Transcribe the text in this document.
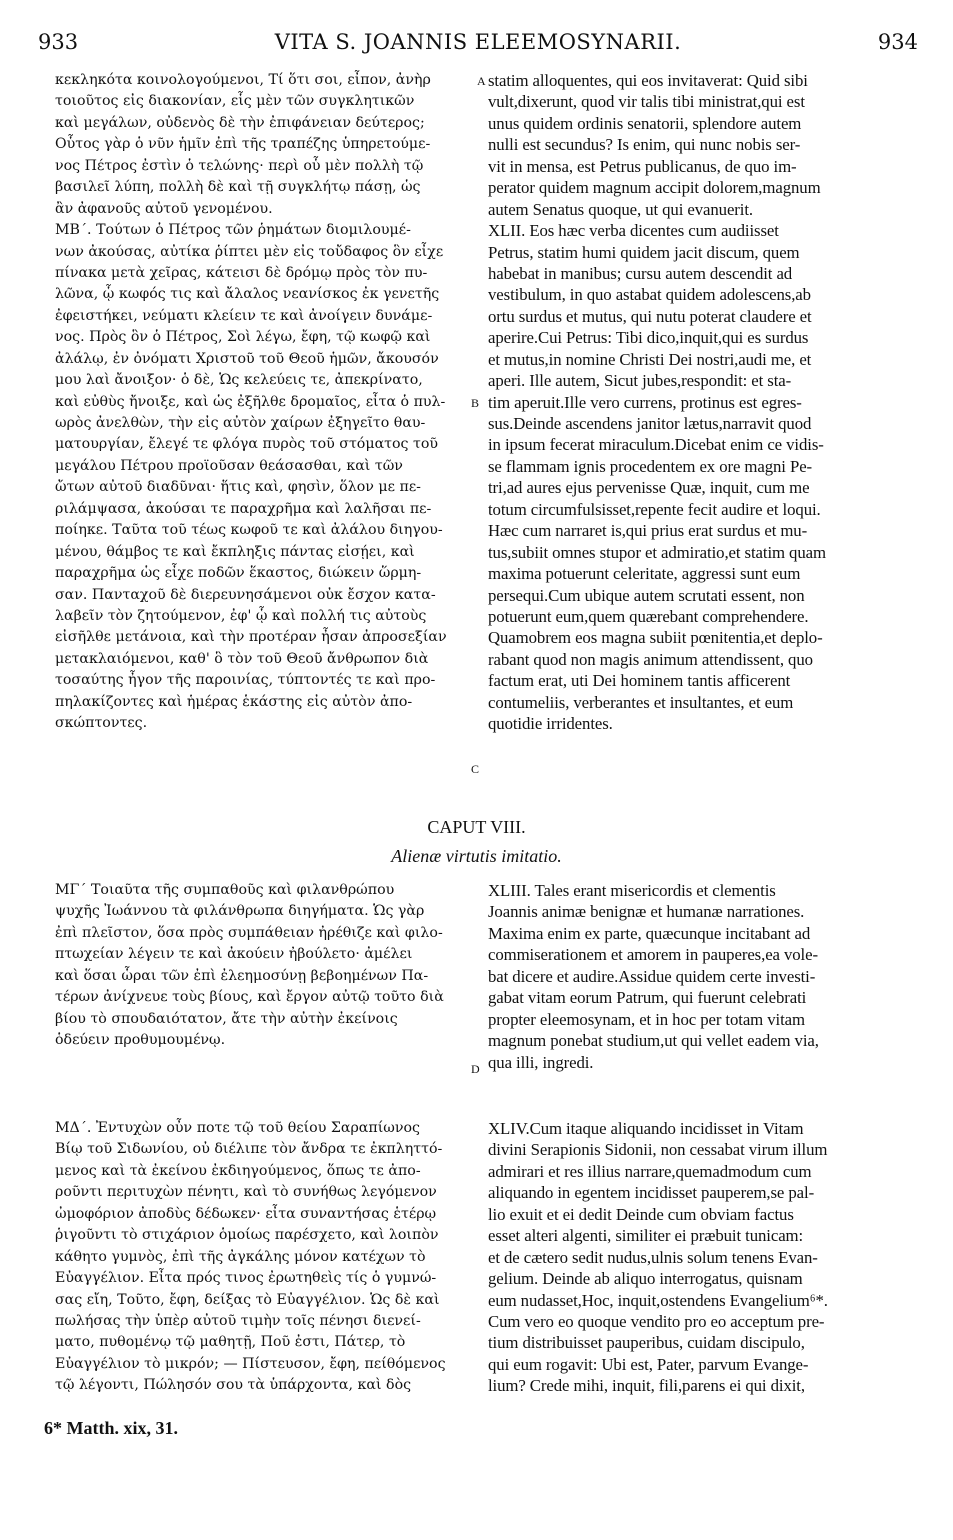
933	VITA S. JOANNIS ELEEMOSYNARII.	934
κεκληκότα κοινολογούμενοι, Τί ὅτι σοι, εἶπον, ἀνὴρ
τοιοῦτος εἰς διακονίαν, εἷς μὲν τῶν συγκλητικῶν
καὶ μεγάλων, οὐδενὸς δὲ τὴν ἐπιφάνειαν δεύτερος;
Οὗτος γὰρ ὁ νῦν ἡμῖν ἐπὶ τῆς τραπέζης ὑπηρετούμε-
νος Πέτρος ἐστὶν ὁ τελώνης· περὶ οὗ μὲν πολλὴ τῷ
βασιλεῖ λύπη, πολλὴ δὲ καὶ τῇ συγκλήτῳ πάσῃ, ὡς
ἂν ἀφανοῦς αὐτοῦ γενομένου.
ΜΒ΄. Τούτων ὁ Πέτρος τῶν ῥημάτων διομιλουμέ-
νων ἀκούσας, αὐτίκα ῥίπτει μὲν εἰς τοὔδαφος ὃν εἶχε
πίνακα μετὰ χεῖρας, κάτεισι δὲ δρόμῳ πρὸς τὸν πυ-
λῶνα, ᾧ κωφός τις καὶ ἄλαλος νεανίσκος ἐκ γενετῆς
ἐφειστήκει, νεύματι κλείειν τε καὶ ἀνοίγειν δυνάμε-
νος. Πρὸς ὃν ὁ Πέτρος, Σοὶ λέγω, ἔφη, τῷ κωφῷ καὶ
ἀλάλῳ, ἐν ὀνόματι Χριστοῦ τοῦ Θεοῦ ἡμῶν, ἄκουσόν
μου λαὶ ἄνοιξον· ὁ δὲ, Ὡς κελεύεις τε, ἀπεκρίνατο,
καὶ εὐθὺς ἤνοιξε, καὶ ὡς ἐξῆλθε δρομαῖος, εἶτα ὁ πυλ-
ωρὸς ἀνελθὼν, τὴν εἰς αὐτὸν χαίρων ἐξηγεῖτο θαυ-
ματουργίαν, ἔλεγέ τε φλόγα πυρὸς τοῦ στόματος τοῦ
μεγάλου Πέτρου προϊοῦσαν θεάσασθαι, καὶ τῶν
ὤτων αὐτοῦ διαδῦναι· ἥτις καὶ, φησὶν, ὅλον με πε-
ριλάμψασα, ἀκούσαι τε παραχρῆμα καὶ λαλῆσαι πε-
ποίηκε. Ταῦτα τοῦ τέως κωφοῦ τε καὶ ἀλάλου διηγου-
μένου, θάμβος τε καὶ ἔκπληξις πάντας εἰσῄει, καὶ
παραχρῆμα ὡς εἶχε ποδῶν ἕκαστος, διώκειν ὥρμη-
σαν. Πανταχοῦ δὲ διερευνησάμενοι οὐκ ἔσχον κατα-
λαβεῖν τὸν ζητούμενον, ἐφ' ᾧ καὶ πολλή τις αὐτοὺς
εἰσῆλθε μετάνοια, καὶ τὴν προτέραν ἦσαν ἀπροσεξίαν
μετακλαιόμενοι, καθ' ὃ τὸν τοῦ Θεοῦ ἄνθρωπον διὰ
τοσαύτης ἦγον τῆς παροινίας, τύπτοντές τε καὶ προ-
πηλακίζοντες καὶ ἡμέρας ἑκάστης εἰς αὐτὸν ἀπο-
σκώπτοντες.
statim alloquentes, qui eos invitaverat: Quid sibi
vult,dixerunt, quod vir talis tibi ministrat,qui est
unus quidem ordinis senatorii, splendore autem
nulli est secundus? Is enim, qui nunc nobis ser-
vit in mensa, est Petrus publicanus, de quo im-
perator quidem magnum accipit dolorem,magnum
autem Senatus quoque, ut qui evanuerit.
XLII. Eos hæc verba dicentes cum audiisset
Petrus, statim humi quidem jacit discum, quem
habebat in manibus; cursu autem descendit ad
vestibulum, in quo astabat quidem adolescens,ab
ortu surdus et mutus, qui nutu poterat claudere et
aperire.Cui Petrus: Tibi dico,inquit,qui es surdus
et mutus,in nomine Christi Dei nostri,audi me, et
aperi. Ille autem, Sicut jubes,respondit: et sta-
tim aperuit.Ille vero currens, protinus est egres-
sus.Deinde ascendens janitor lætus,narravit quod
in ipsum fecerat miraculum.Dicebat enim ce vidis-
se flammam ignis procedentem ex ore magni Pe-
tri,ad aures ejus pervenisse Quæ, inquit, cum me
totum circumfulsisset,repente fecit audire et loqui.
Hæc cum narraret is,qui prius erat surdus et mu-
tus,subiit omnes stupor et admiratio,et statim quam
maxima potuerunt celeritate, aggressi sunt eum
persequi.Cum ubique autem scrutati essent, non
potuerunt eum,quem quærebant comprehendere.
Quamobrem eos magna subiit pœnitentia,et deplo-
rabant quod non magis animum attendissent, quo
factum erat, uti Dei hominem tantis afficerent
contumeliis, verberantes et insultantes, et eum
quotidie irridentes.
A
B
C
D
CAPUT VIII.
Alienæ virtutis imitatio.
ΜΓ΄ Τοιαῦτα τῆς συμπαθοῦς καὶ φιλανθρώπου
ψυχῆς Ἰωάννου τὰ φιλάνθρωπα διηγήματα. Ὡς γὰρ
ἐπὶ πλεῖστον, ὅσα πρὸς συμπάθειαν ἠρέθιζε καὶ φιλο-
πτωχείαν λέγειν τε καὶ ἀκούειν ἠβούλετο· ἀμέλει
καὶ ὅσαι ὧραι τῶν ἐπὶ ἐλεημοσύνῃ βεβοημένων Πα-
τέρων ἀνίχνευε τοὺς βίους, καὶ ἔργον αὐτῷ τοῦτο διὰ
βίου τὸ σπουδαιότατον, ἄτε τὴν αὐτὴν ἐκείνοις
ὁδεύειν προθυμουμένῳ.
XLIII. Tales erant misericordis et clementis
Joannis animæ benignæ et humanæ narrationes.
Maxima enim ex parte, quæcunque incitabant ad
commiserationem et amorem in pauperes,ea vole-
bat dicere et audire.Assidue quidem certe investi-
gabat vitam eorum Patrum, qui fuerunt celebrati
propter eleemosynam, et in hoc per totam vitam
magnum ponebat studium,ut qui vellet eadem via,
qua illi, ingredi.
ΜΔ΄. Ἐντυχὼν οὖν ποτε τῷ τοῦ θείου Σαραπίωνος
Βίῳ τοῦ Σιδωνίου, οὐ διέλιπε τὸν ἄνδρα τε ἐκπληττό-
μενος καὶ τὰ ἐκείνου ἐκδιηγούμενος, ὅπως τε ἀπο-
ροῦντι περιτυχὼν πένητι, καὶ τὸ συνήθως λεγόμενον
ὠμοφόριον ἀποδὺς δέδωκεν· εἶτα συναντήσας ἑτέρῳ
ῥιγοῦντι τὸ στιχάριον ὁμοίως παρέσχετο, καὶ λοιπὸν
κάθητο γυμνὸς, ἐπὶ τῆς ἀγκάλης μόνον κατέχων τὸ
Εὐαγγέλιον. Εἶτα πρός τινος ἐρωτηθεὶς τίς ὁ γυμνώ-
σας εἴη, Τοῦτο, ἔφη, δείξας τὸ Εὐαγγέλιον. Ὡς δὲ καὶ
πωλήσας τὴν ὑπὲρ αὐτοῦ τιμὴν τοῖς πένησι διενεί-
ματο, πυθομένῳ τῷ μαθητῇ, Ποῦ ἐστι, Πάτερ, τὸ
Εὐαγγέλιον τὸ μικρόν; — Πίστευσον, ἔφη, πείθόμενος
τῷ λέγοντι, Πώλησόν σου τὰ ὑπάρχοντα, καὶ δὸς
XLIV.Cum itaque aliquando incidisset in Vitam
divini Serapionis Sidonii, non cessabat virum illum
admirari et res illius narrare,quemadmodum cum
aliquando in egentem incidisset pauperem,se pal-
lio exuit et ei dedit Deinde cum obviam factus
esset alteri algenti, similiter ei præbuit tunicam:
et de cætero sedit nudus,ulnis solum tenens Evan-
gelium. Deinde ab aliquo interrogatus, quisnam
eum nudasset,Hoc, inquit,ostendens Evangelium⁶*.
Cum vero eo quoque vendito pro eo acceptum pre-
tium distribuisset pauperibus, cuidam discipulo,
qui eum rogavit: Ubi est, Pater, parvum Evange-
lium? Crede mihi, inquit, fili,parens ei qui dixit,
6* Matth. xix, 31.
